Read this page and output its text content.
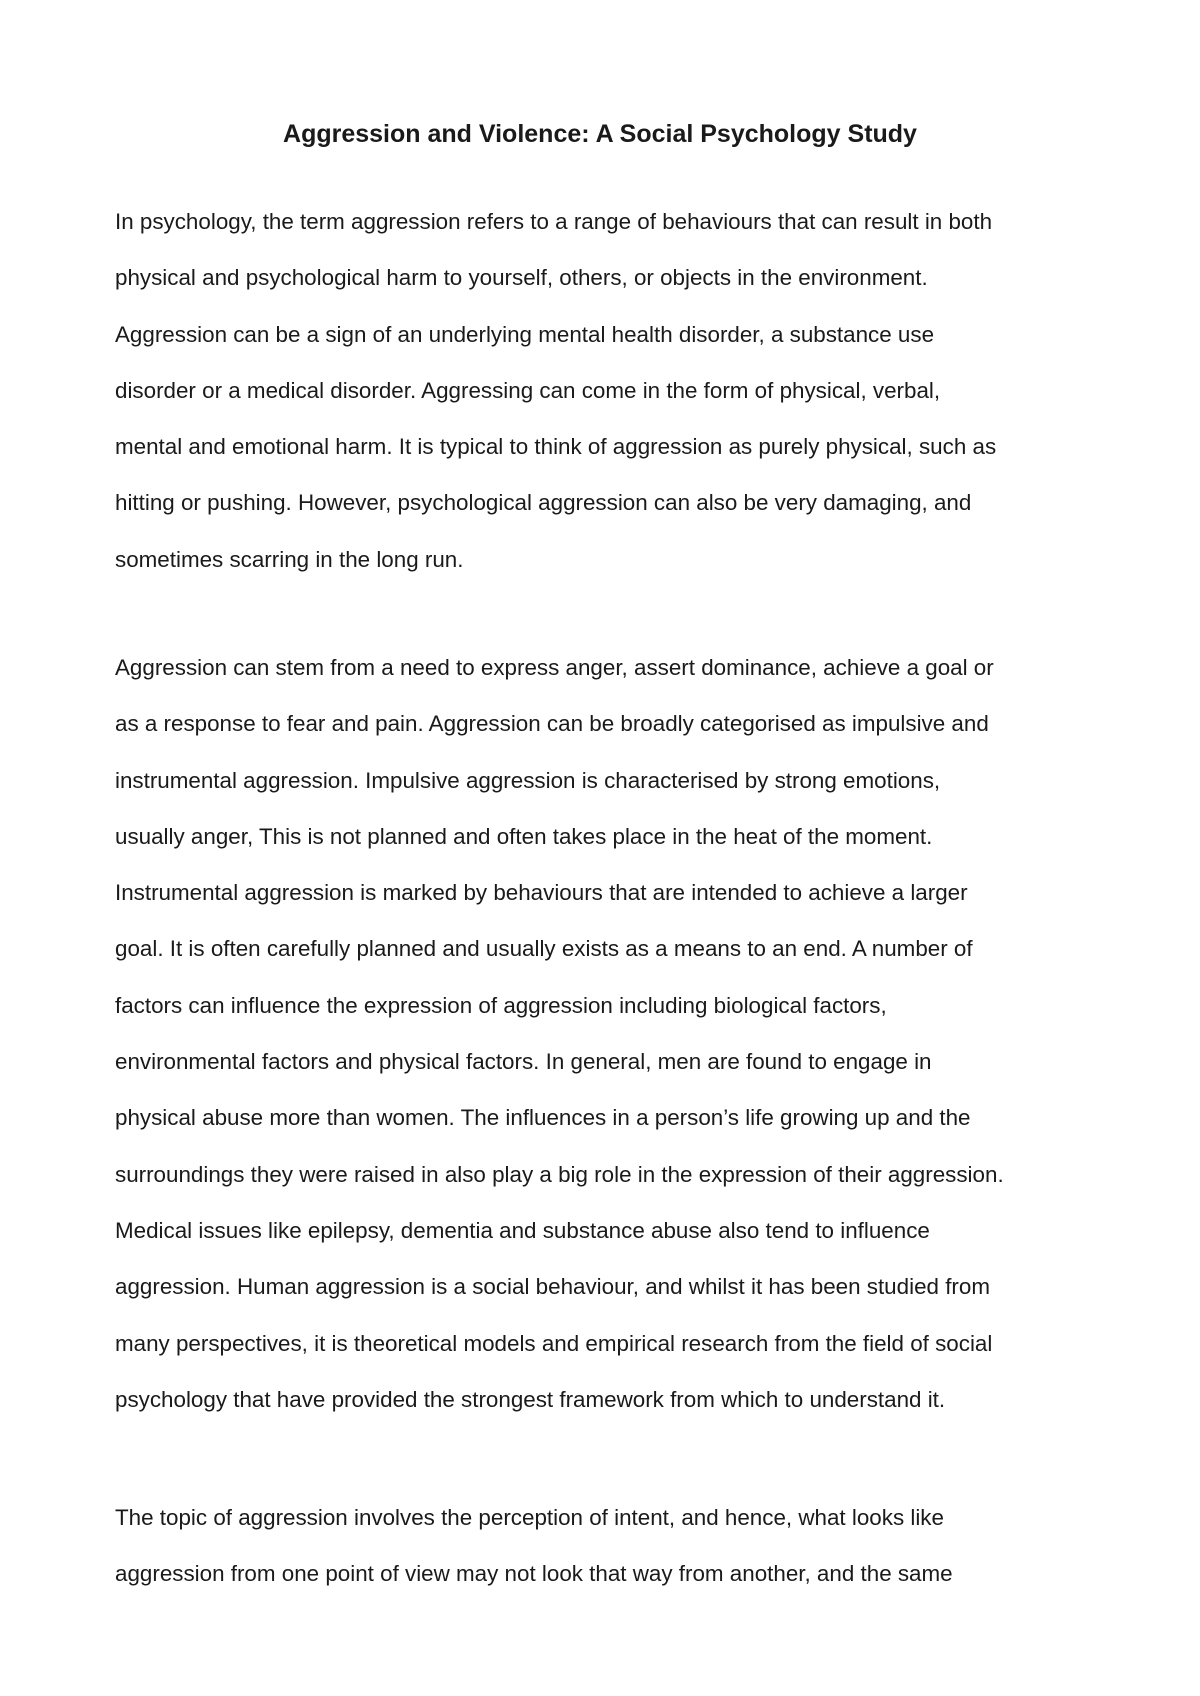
Aggression and Violence: A Social Psychology Study
In psychology, the term aggression refers to a range of behaviours that can result in both
physical and psychological harm to yourself, others, or objects in the environment.
Aggression can be a sign of an underlying mental health disorder, a substance use
disorder or a medical disorder. Aggressing can come in the form of physical, verbal,
mental and emotional harm. It is typical to think of aggression as purely physical, such as
hitting or pushing. However, psychological aggression can also be very damaging, and
sometimes scarring in the long run.
Aggression can stem from a need to express anger, assert dominance, achieve a goal or
as a response to fear and pain. Aggression can be broadly categorised as impulsive and
instrumental aggression. Impulsive aggression is characterised by strong emotions,
usually anger, This is not planned and often takes place in the heat of the moment.
Instrumental aggression is marked by behaviours that are intended to achieve a larger
goal. It is often carefully planned and usually exists as a means to an end. A number of
factors can influence the expression of aggression including biological factors,
environmental factors and physical factors. In general, men are found to engage in
physical abuse more than women. The influences in a person’s life growing up and the
surroundings they were raised in also play a big role in the expression of their aggression.
Medical issues like epilepsy, dementia and substance abuse also tend to influence
aggression. Human aggression is a social behaviour, and whilst it has been studied from
many perspectives, it is theoretical models and empirical research from the field of social
psychology that have provided the strongest framework from which to understand it.
The topic of aggression involves the perception of intent, and hence, what looks like
aggression from one point of view may not look that way from another, and the same
